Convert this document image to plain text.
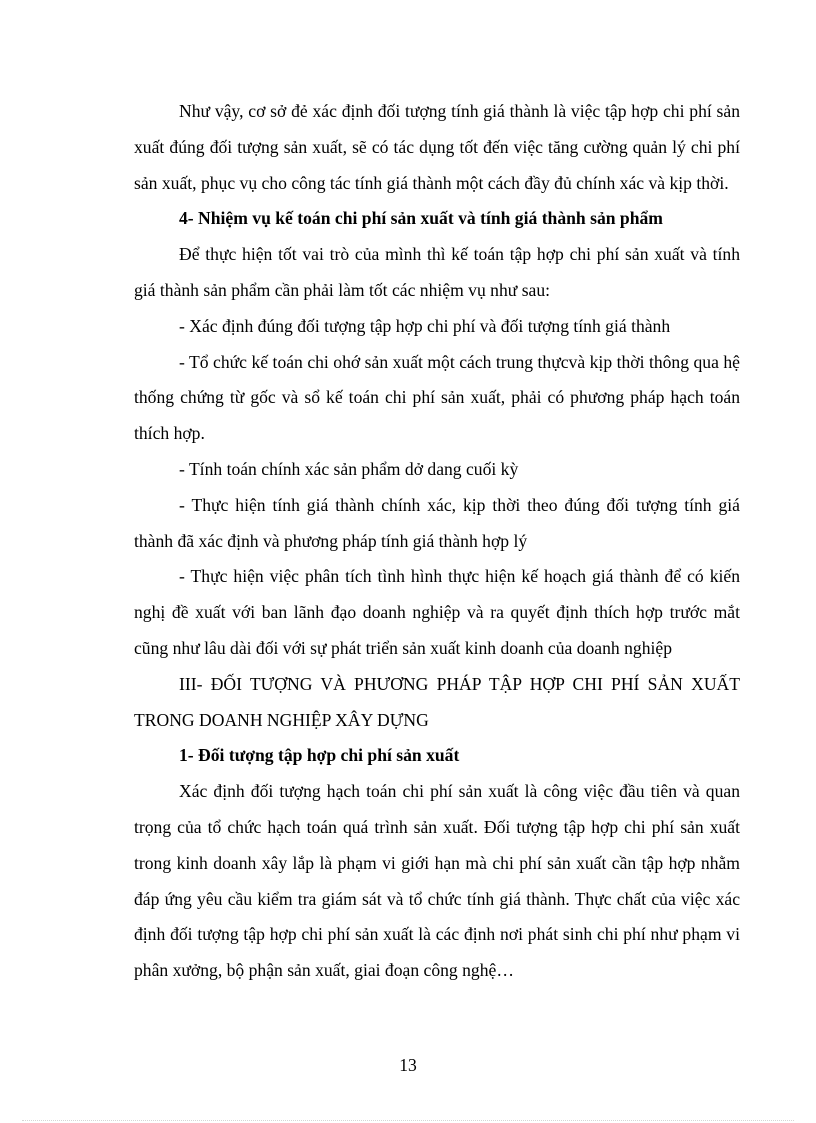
Như vậy, cơ sở đẻ xác định đối tượng tính giá thành là việc tập hợp chi phí sản xuất đúng đối tượng sản xuất, sẽ có tác dụng tốt đến việc tăng cường quản lý chi phí sản xuất, phục vụ cho công tác tính giá thành một cách đầy đủ chính xác và kịp thời.

4- Nhiệm vụ kế toán chi phí sản xuất và tính giá thành sản phẩm

Để thực hiện tốt vai trò của mình thì kế toán tập hợp chi phí sản xuất và tính giá thành sản phẩm cần phải làm tốt các nhiệm vụ như sau:

- Xác định đúng đối tượng tập hợp chi phí và đối tượng tính giá thành

- Tổ chức kế toán chi ohớ sản xuất một cách trung thựcvà kịp thời thông qua hệ thống chứng từ gốc và sổ kế toán chi phí sản xuất, phải có phương pháp hạch toán thích hợp.

- Tính toán chính xác sản phẩm dở dang cuối kỳ

- Thực hiện tính giá thành chính xác, kịp thời theo đúng đối tượng tính giá thành đã xác định và phương pháp tính giá thành hợp lý

- Thực hiện việc phân tích tình hình thực hiện kế hoạch giá thành để có kiến nghị đề xuất với ban lãnh đạo doanh nghiệp và ra quyết định thích hợp trước mắt cũng như lâu dài đối với sự phát triển sản xuất kinh doanh của doanh nghiệp

III- ĐỐI TƯỢNG VÀ PHƯƠNG PHÁP TẬP HỢP CHI PHÍ SẢN XUẤT TRONG DOANH NGHIỆP XÂY DỰNG

1- Đối tượng tập hợp chi phí sản xuất

Xác định đối tượng hạch toán chi phí sản xuất là công việc đầu tiên và quan trọng của tổ chức hạch toán quá trình sản xuất. Đối tượng tập hợp chi phí sản xuất trong kinh doanh xây lắp là phạm vi giới hạn mà chi phí sản xuất cần tập hợp nhằm đáp ứng yêu cầu kiểm tra giám sát và tổ chức tính giá thành. Thực chất của việc xác định đối tượng tập hợp chi phí sản xuất là các định nơi phát sinh chi phí như phạm vi phân xưởng, bộ phận sản xuất, giai đoạn công nghệ…

13
